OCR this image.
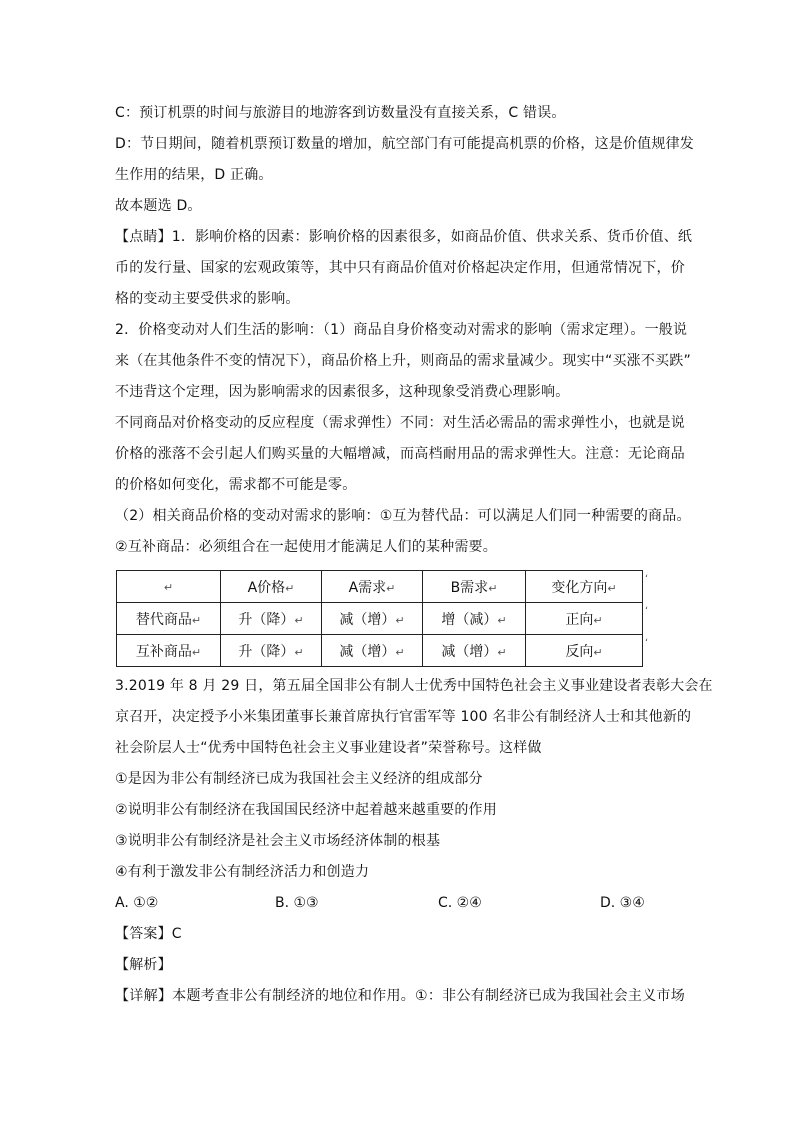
C：预订机票的时间与旅游目的地游客到访数量没有直接关系，C 错误。
D：节日期间，随着机票预订数量的增加，航空部门有可能提高机票的价格，这是价值规律发
生作用的结果，D 正确。
故本题选 D。
【点睛】1．影响价格的因素：影响价格的因素很多，如商品价值、供求关系、货币价值、纸
币的发行量、国家的宏观政策等，其中只有商品价值对价格起决定作用，但通常情况下，价
格的变动主要受供求的影响。
2．价格变动对人们生活的影响：（1）商品自身价格变动对需求的影响（需求定理）。一般说
来（在其他条件不变的情况下），商品价格上升，则商品的需求量减少。现实中“买涨不买跌”
不违背这个定理，因为影响需求的因素很多，这种现象受消费心理影响。
不同商品对价格变动的反应程度（需求弹性）不同：对生活必需品的需求弹性小，也就是说
价格的涨落不会引起人们购买量的大幅增减，而高档耐用品的需求弹性大。注意：无论商品
的价格如何变化，需求都不可能是零。
（2）相关商品价格的变动对需求的影响：①互为替代品：可以满足人们同一种需要的商品。
②互补商品：必须组合在一起使用才能满足人们的某种需要。
↵	A价格↵	A需求↵	B需求↵	变化方向↵
替代商品↵	升（降）↵	减（增）↵	增（减）↵	正向↵
互补商品↵	升（降）↵	减（增）↵	减（增）↵	反向↵
ʻ
ʻ
ʻ
3.2019 年 8 月 29 日，第五届全国非公有制人士优秀中国特色社会主义事业建设者表彰大会在
京召开，决定授予小米集团董事长兼首席执行官雷军等 100 名非公有制经济人士和其他新的
社会阶层人士“优秀中国特色社会主义事业建设者”荣誉称号。这样做
①是因为非公有制经济已成为我国社会主义经济的组成部分
②说明非公有制经济在我国国民经济中起着越来越重要的作用
③说明非公有制经济是社会主义市场经济体制的根基
④有利于激发非公有制经济活力和创造力
A. ①②	B. ①③	C. ②④	D. ③④
【答案】C
【解析】
【详解】本题考查非公有制经济的地位和作用。①：非公有制经济已成为我国社会主义市场
